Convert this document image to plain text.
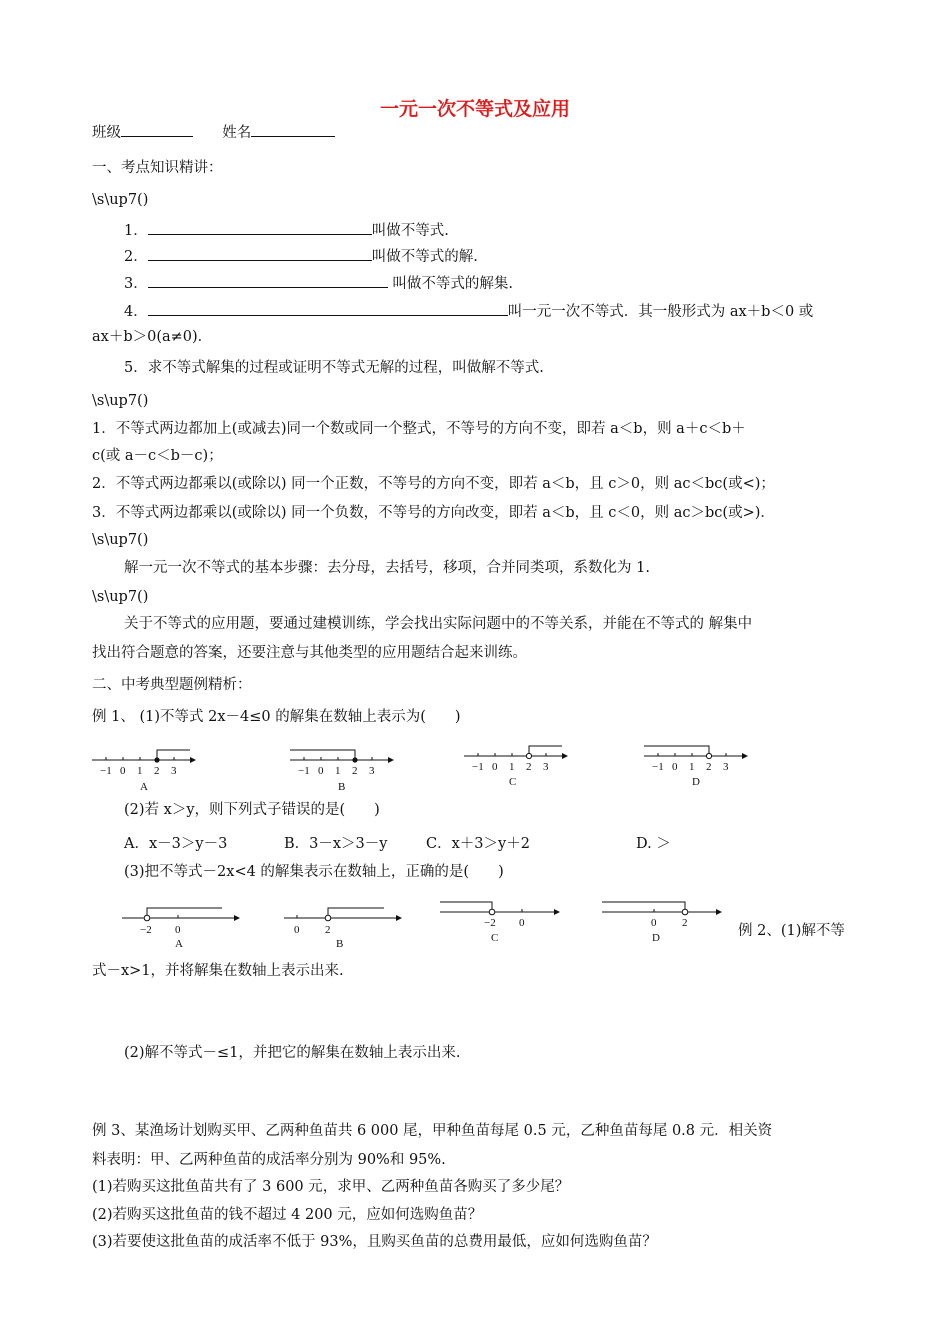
一元一次不等式及应用
班级	姓名
一、考点知识精讲：
\s\up7()
1．	叫做不等式.
2．	叫做不等式的解.
3．	叫做不等式的解集.
4．	叫一元一次不等式．其一般形式为 ax＋b＜0 或
ax＋b＞0(a≠0)．
5．求不等式解集的过程或证明不等式无解的过程，叫做解不等式.
\s\up7()
1．不等式两边都加上(或减去)同一个数或同一个整式，不等号的方向不变，即若 a＜b，则 a＋c＜b＋
c(或 a－c＜b－c)；
2．不等式两边都乘以(或除以) 同一个正数，不等号的方向不变，即若 a＜b，且 c＞0，则 ac＜bc(或<)；
3．不等式两边都乘以(或除以) 同一个负数，不等号的方向改变，即若 a＜b，且 c＜0，则 ac＞bc(或>)．
\s\up7()
解一元一次不等式的基本步骤：去分母，去括号，移项，合并同类项，系数化为 1.
\s\up7()
关于不等式的应用题，要通过建模训练，学会找出实际问题中的不等关系，并能在不等式的 解集中
找出符合题意的答案，还要注意与其他类型的应用题结合起来训练。
二、中考典型题例精析：
例 1、 (1)不等式 2x－4≤0 的解集在数轴上表示为(　　)
−1 0 1 2 3
A
−1 0 1 2 3
B
−1 0 1 2 3
C
−1 0 1 2 3
D
(2)若 x＞y，则下列式子错误的是(　　)
A．x－3＞y－3	B．3－x＞3－y	C．x＋3＞y＋2	D. ＞
(3)把不等式－2x<4 的解集表示在数轴上，正确的是(　　)
−2 0
A
0 2
B
−2 0
C
0 2
D	例 2、(1)解不等
式－x>1，并将解集在数轴上表示出来.
(2)解不等式－≤1，并把它的解集在数轴上表示出来.
例 3、某渔场计划购买甲、乙两种鱼苗共 6 000 尾，甲种鱼苗每尾 0.5 元，乙种鱼苗每尾 0.8 元．相关资
料表明：甲、乙两种鱼苗的成活率分别为 90%和 95%.
(1)若购买这批鱼苗共有了 3 600 元，求甲、乙两种鱼苗各购买了多少尾？
(2)若购买这批鱼苗的钱不超过 4 200 元，应如何选购鱼苗？
(3)若要使这批鱼苗的成活率不低于 93%，且购买鱼苗的总费用最低，应如何选购鱼苗？
